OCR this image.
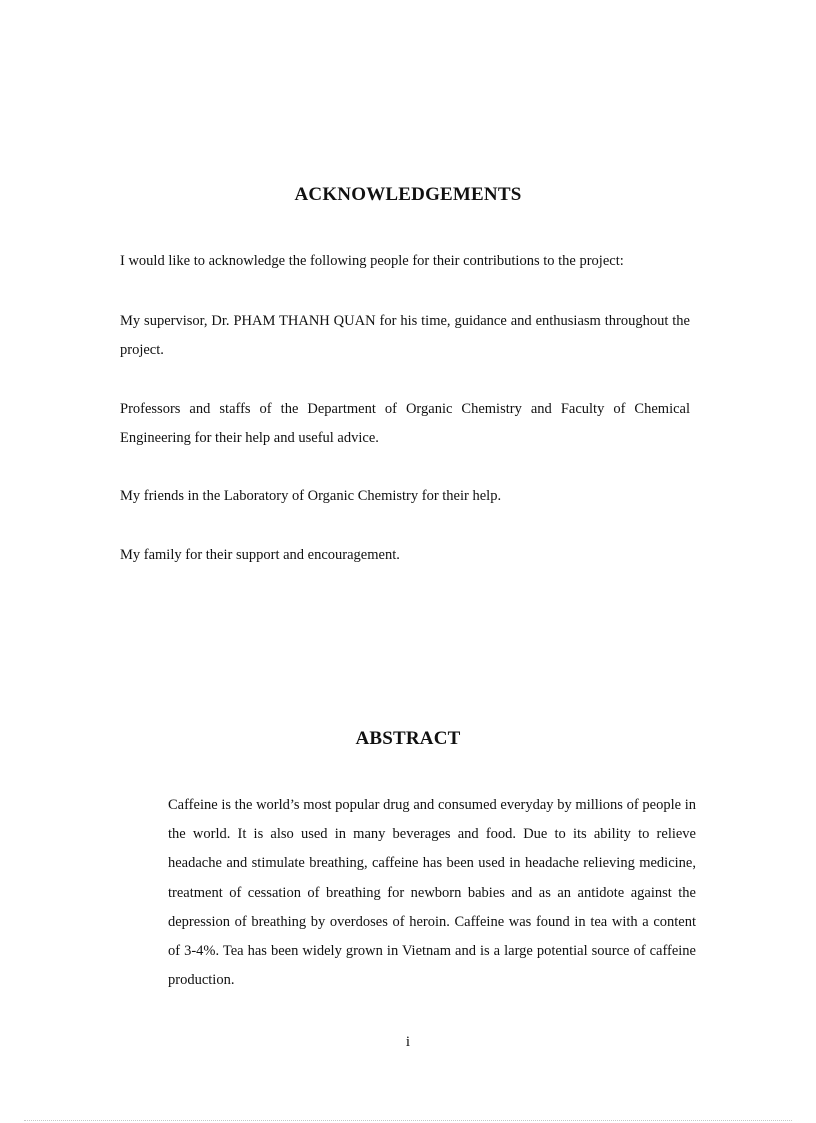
ACKNOWLEDGEMENTS

I would like to acknowledge the following people for their contributions to the project:

My supervisor, Dr. PHAM THANH QUAN for his time, guidance and enthusiasm throughout the project.

Professors and staffs of the Department of Organic Chemistry and Faculty of Chemical Engineering for their help and useful advice.

My friends in the Laboratory of Organic Chemistry for their help.

My family for their support and encouragement.

ABSTRACT

Caffeine is the world’s most popular drug and consumed everyday by millions of people in the world. It is also used in many beverages and food. Due to its ability to relieve headache and stimulate breathing, caffeine has been used in headache relieving medicine, treatment of cessation of breathing for newborn babies and as an antidote against the depression of breathing by overdoses of heroin. Caffeine was found in tea with a content of 3-4%. Tea has been widely grown in Vietnam and is a large potential source of caffeine production.

i
